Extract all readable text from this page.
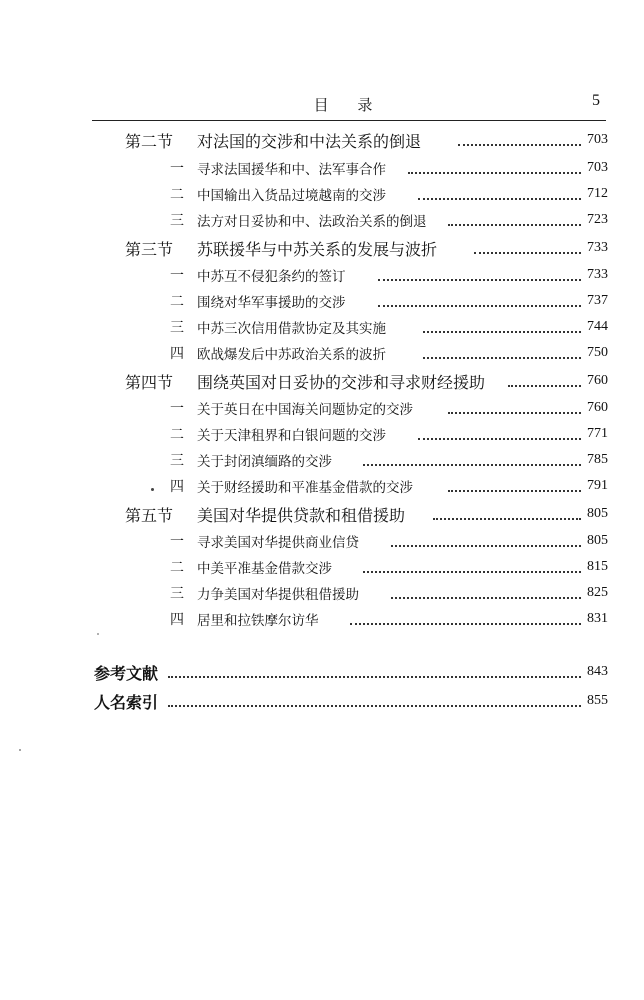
目 录	5
第二节 对法国的交涉和中法关系的倒退	703
一 寻求法国援华和中、法军事合作	703
二 中国输出入货品过境越南的交涉	712
三 法方对日妥协和中、法政治关系的倒退	723
第三节 苏联援华与中苏关系的发展与波折	733
一 中苏互不侵犯条约的签订	733
二 围绕对华军事援助的交涉	737
三 中苏三次信用借款协定及其实施	744
四 欧战爆发后中苏政治关系的波折	750
第四节 围绕英国对日妥协的交涉和寻求财经援助	760
一 关于英日在中国海关问题协定的交涉	760
二 关于天津租界和白银问题的交涉	771
三 关于封闭滇缅路的交涉	785
四 关于财经援助和平准基金借款的交涉	791
第五节 美国对华提供贷款和租借援助	805
一 寻求美国对华提供商业信贷	805
二 中美平准基金借款交涉	815
三 力争美国对华提供租借援助	825
四 居里和拉铁摩尔访华	831
参考文献	843
人名索引	855
